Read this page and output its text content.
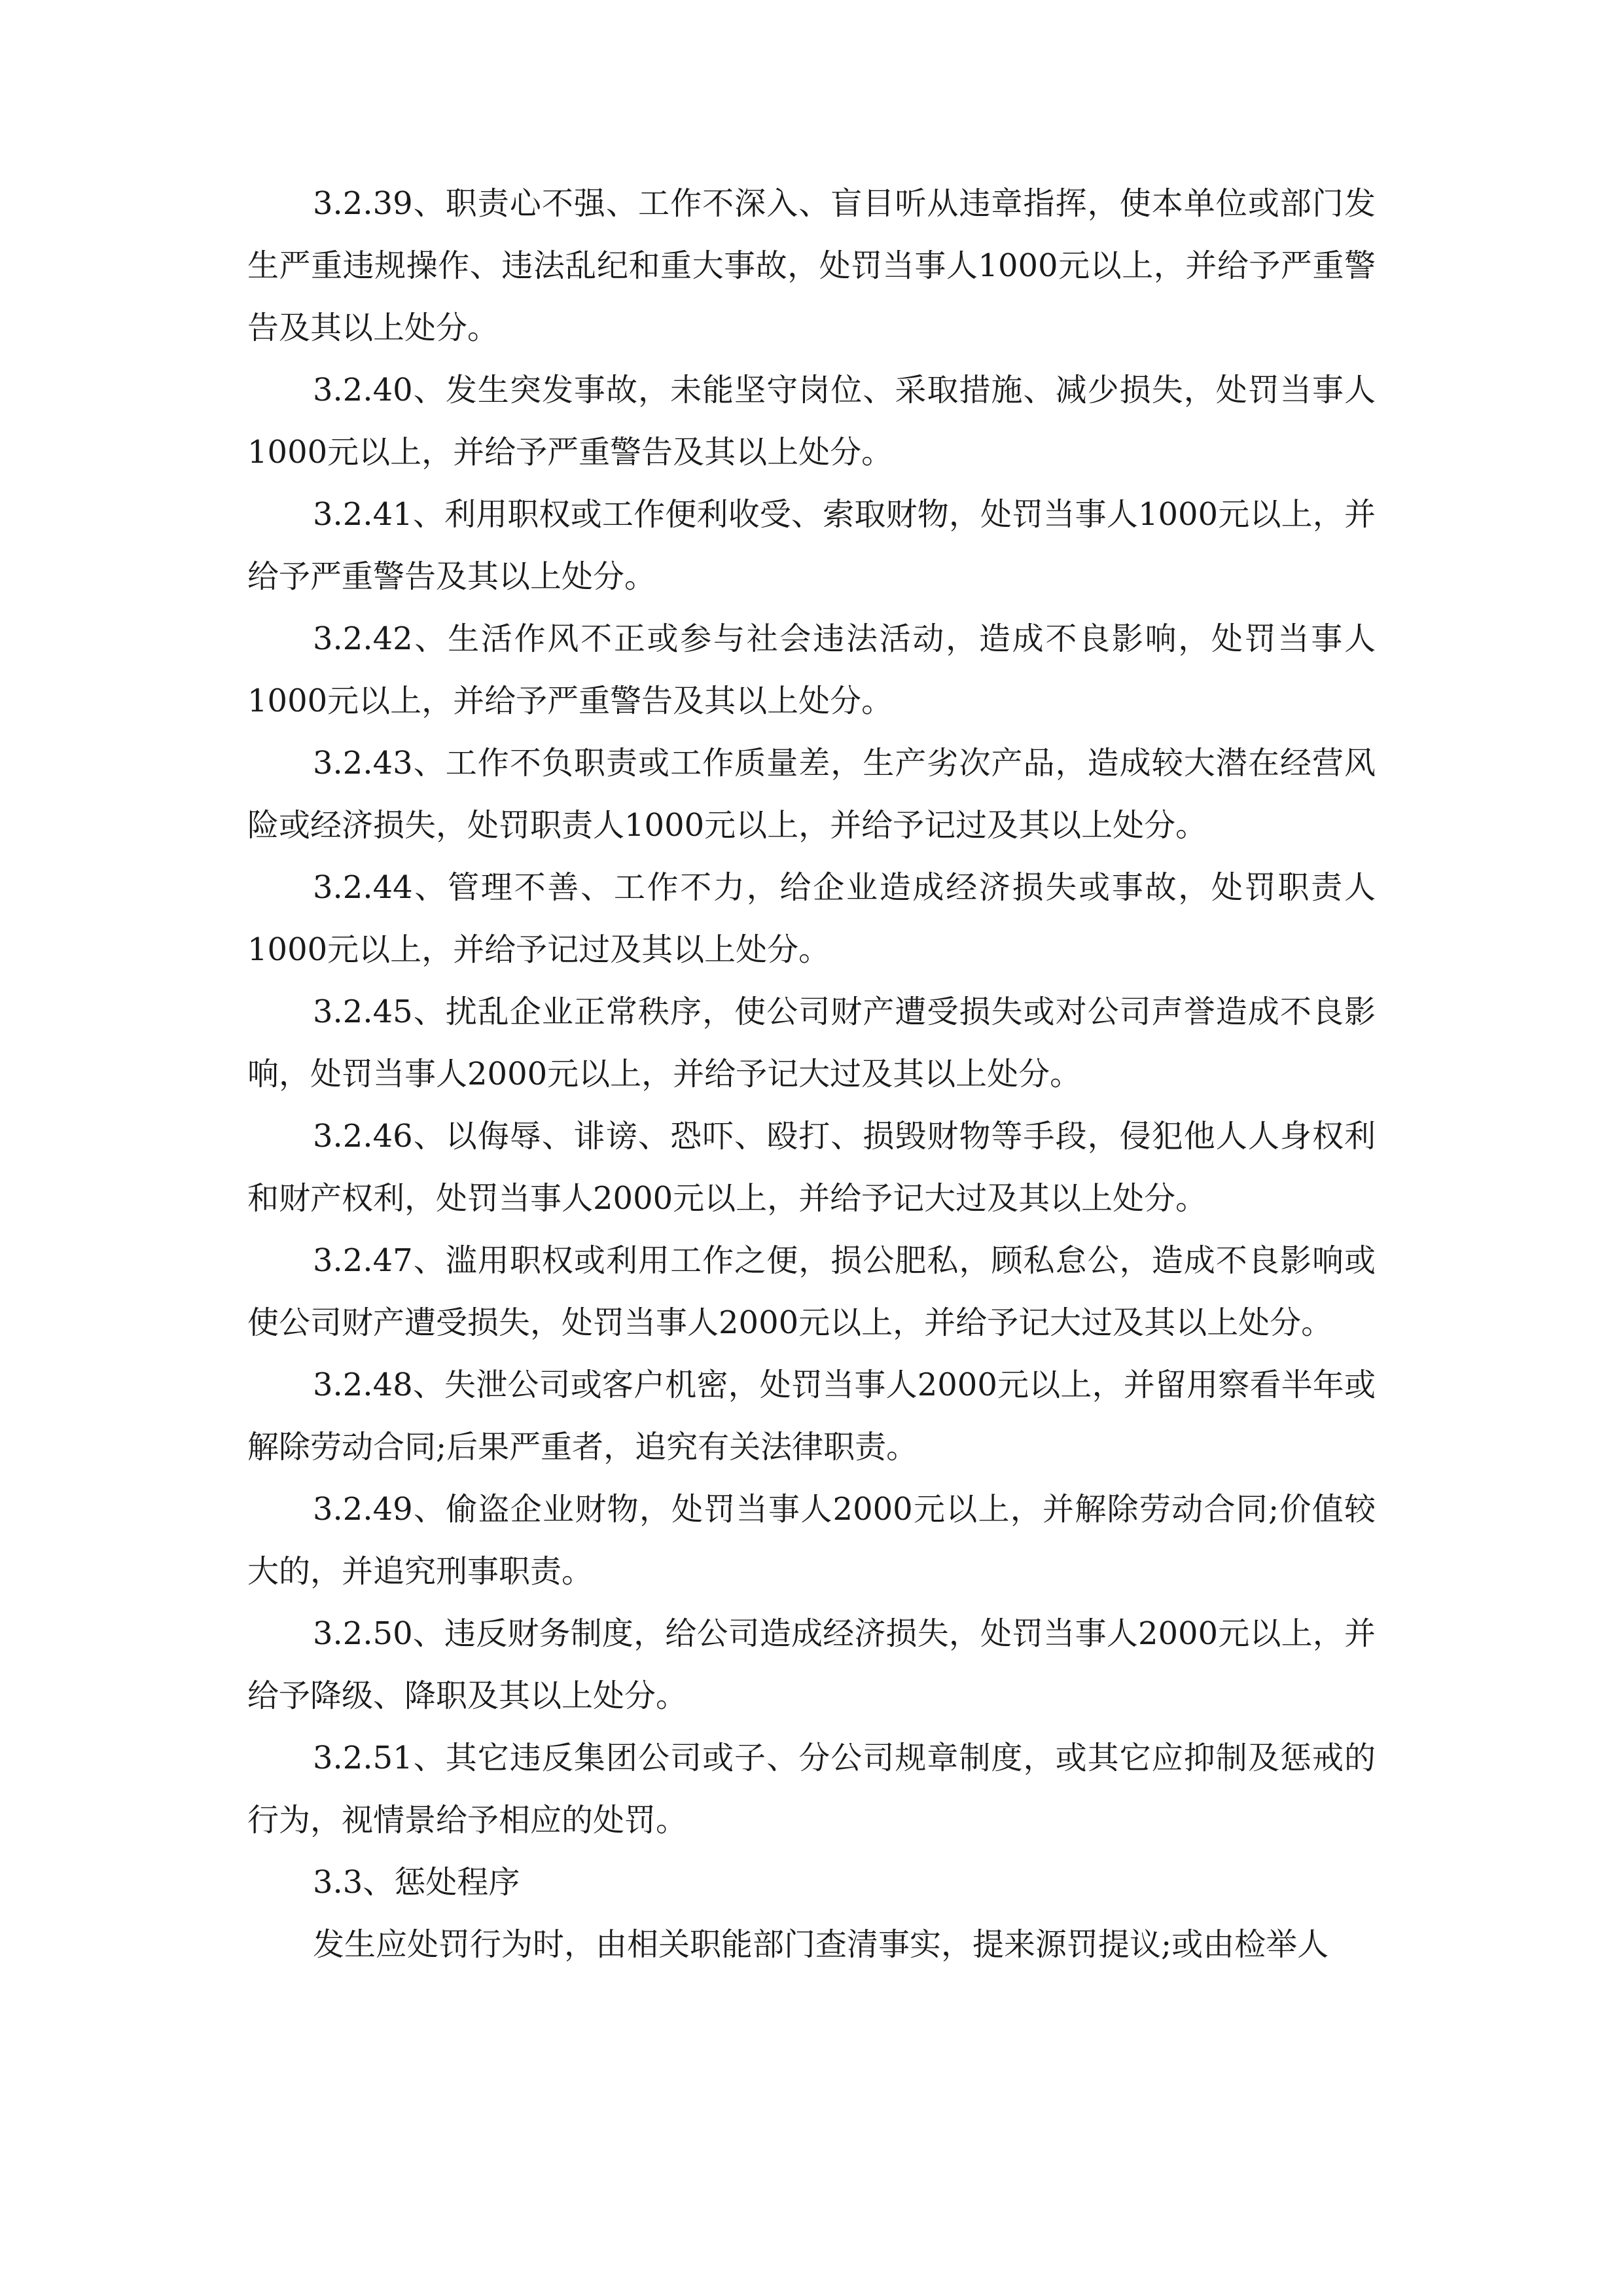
3.2.39、职责心不强、工作不深入、盲目听从违章指挥，使本单位或部门发生严重违规操作、违法乱纪和重大事故，处罚当事人1000元以上，并给予严重警告及其以上处分。

3.2.40、发生突发事故，未能坚守岗位、采取措施、减少损失，处罚当事人1000元以上，并给予严重警告及其以上处分。

3.2.41、利用职权或工作便利收受、索取财物，处罚当事人1000元以上，并给予严重警告及其以上处分。

3.2.42、生活作风不正或参与社会违法活动，造成不良影响，处罚当事人1000元以上，并给予严重警告及其以上处分。

3.2.43、工作不负职责或工作质量差，生产劣次产品，造成较大潜在经营风险或经济损失，处罚职责人1000元以上，并给予记过及其以上处分。

3.2.44、管理不善、工作不力，给企业造成经济损失或事故，处罚职责人1000元以上，并给予记过及其以上处分。

3.2.45、扰乱企业正常秩序，使公司财产遭受损失或对公司声誉造成不良影响，处罚当事人2000元以上，并给予记大过及其以上处分。

3.2.46、以侮辱、诽谤、恐吓、殴打、损毁财物等手段，侵犯他人人身权利和财产权利，处罚当事人2000元以上，并给予记大过及其以上处分。

3.2.47、滥用职权或利用工作之便，损公肥私，顾私怠公，造成不良影响或使公司财产遭受损失，处罚当事人2000元以上，并给予记大过及其以上处分。

3.2.48、失泄公司或客户机密，处罚当事人2000元以上，并留用察看半年或解除劳动合同;后果严重者，追究有关法律职责。

3.2.49、偷盗企业财物，处罚当事人2000元以上，并解除劳动合同;价值较大的，并追究刑事职责。

3.2.50、违反财务制度，给公司造成经济损失，处罚当事人2000元以上，并给予降级、降职及其以上处分。

3.2.51、其它违反集团公司或子、分公司规章制度，或其它应抑制及惩戒的行为，视情景给予相应的处罚。

3.3、惩处程序

发生应处罚行为时，由相关职能部门查清事实，提来源罚提议;或由检举人
